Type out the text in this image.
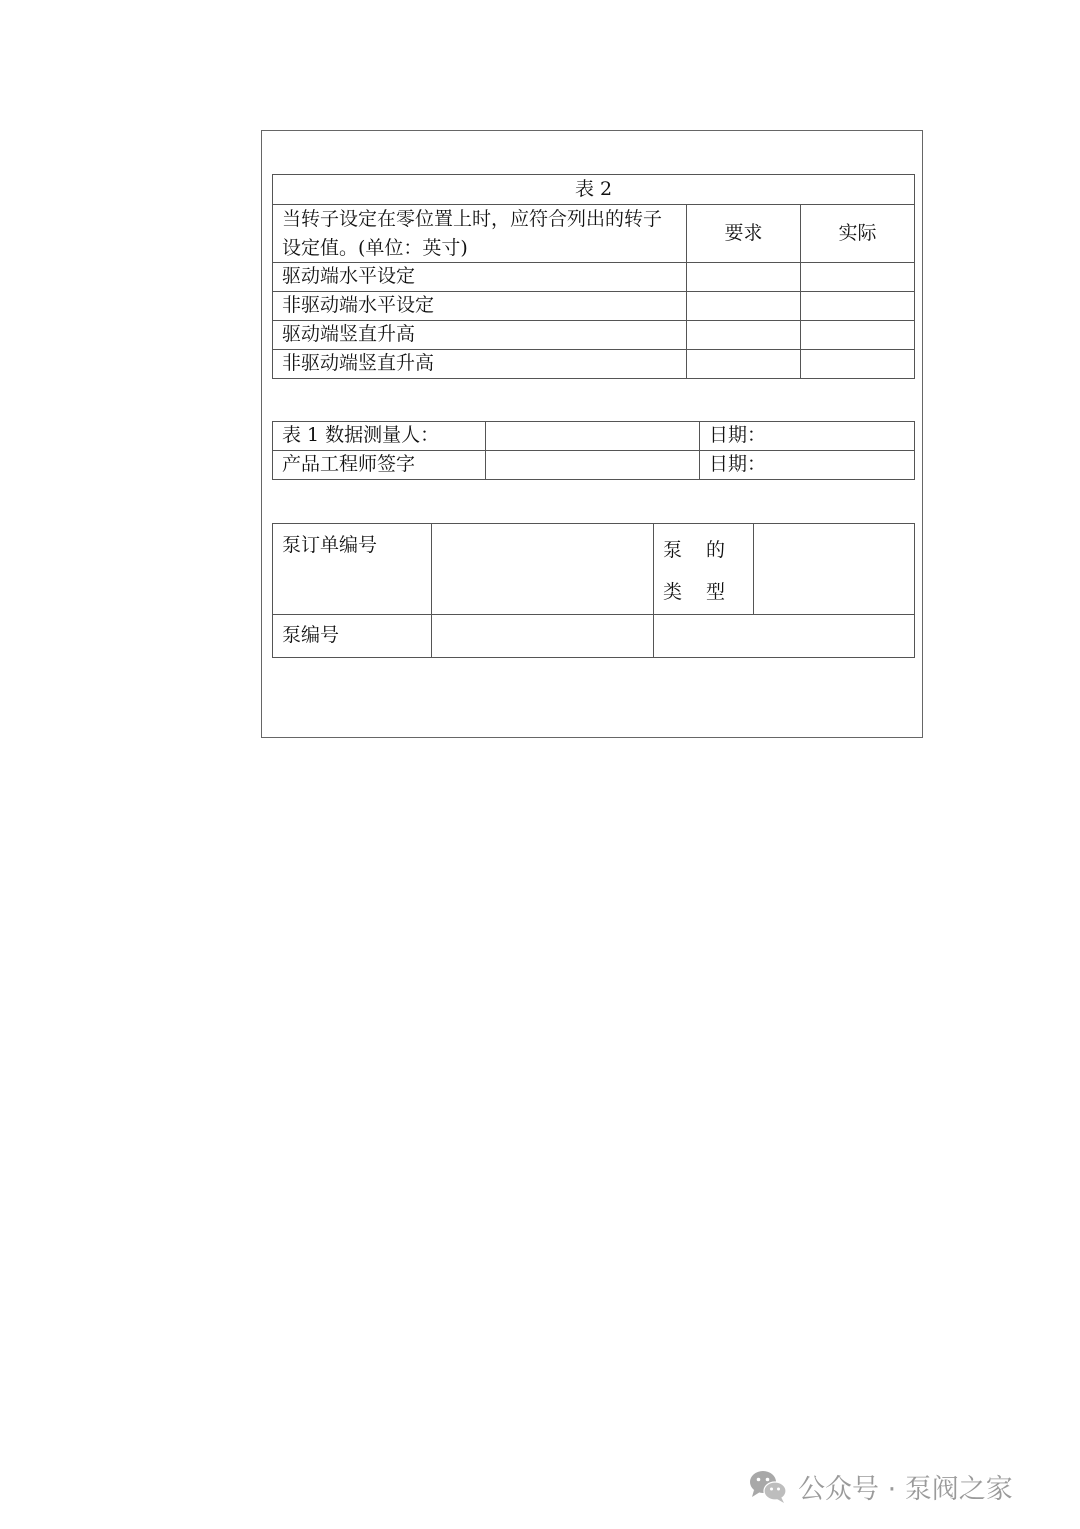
表 2		
当转子设定在零位置上时，应符合列出的转子设定值。(单位：英寸)	要求	实际
驱动端水平设定		
非驱动端水平设定		
驱动端竖直升高		
非驱动端竖直升高		
表 1 数据测量人：		日期：
产品工程师签字		日期：
泵订单编号		泵 的 类 型	
泵编号			
公众号 · 泵阀之家
